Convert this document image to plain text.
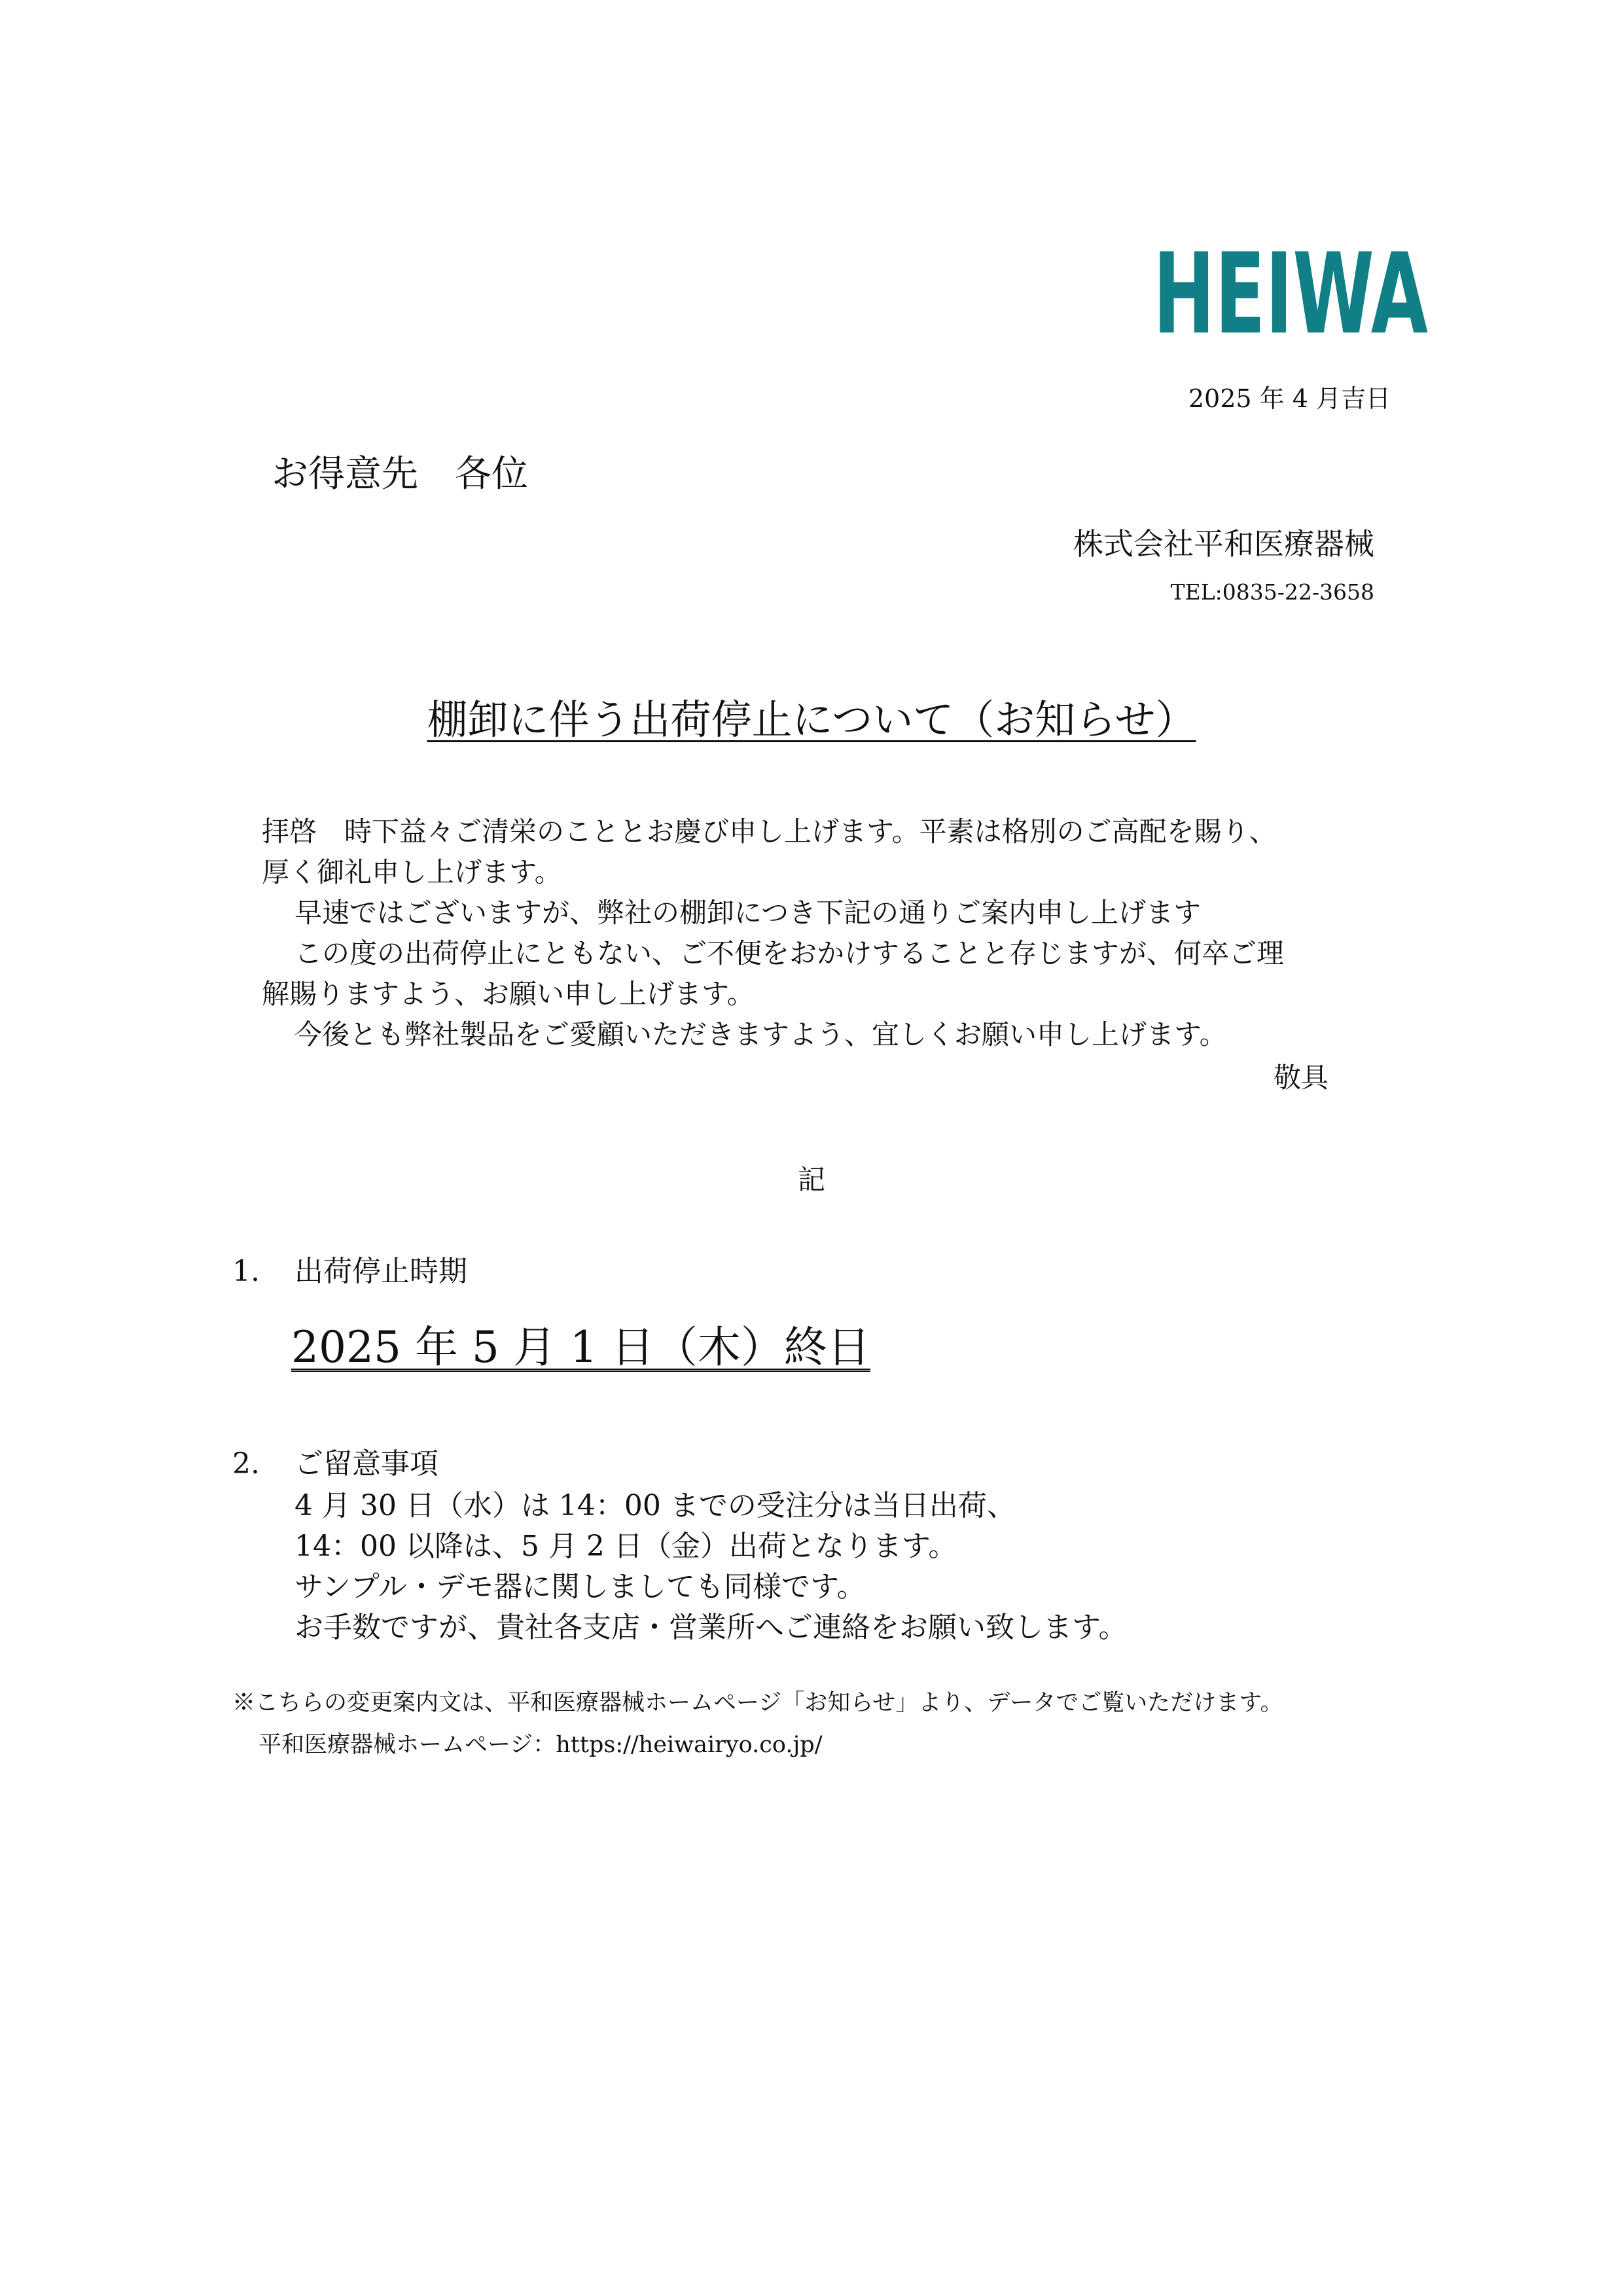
HEIWA
2025 年 4 月吉日
お得意先　各位
株式会社平和医療器械
TEL:0835-22-3658
棚卸に伴う出荷停止について（お知らせ）

拝啓　時下益々ご清栄のこととお慶び申し上げます。平素は格別のご高配を賜り、

厚く御礼申し上げます。

早速ではございますが、弊社の棚卸につき下記の通りご案内申し上げます

この度の出荷停止にともない、ご不便をおかけすることと存じますが、何卒ご理

解賜りますよう、お願い申し上げます。

今後とも弊社製品をご愛顧いただきますよう、宜しくお願い申し上げます。

敬具
記
1. 出荷停止時期
2025 年 5 月 1 日（木）終日
2. ご留意事項

4 月 30 日（水）は 14：00 までの受注分は当日出荷、

14：00 以降は、5 月 2 日（金）出荷となります。

サンプル・デモ器に関しましても同様です。

お手数ですが、貴社各支店・営業所へご連絡をお願い致します。

※こちらの変更案内文は、平和医療器械ホームページ「お知らせ」より、データでご覧いただけます。

平和医療器械ホームページ：https://heiwairyo.co.jp/
